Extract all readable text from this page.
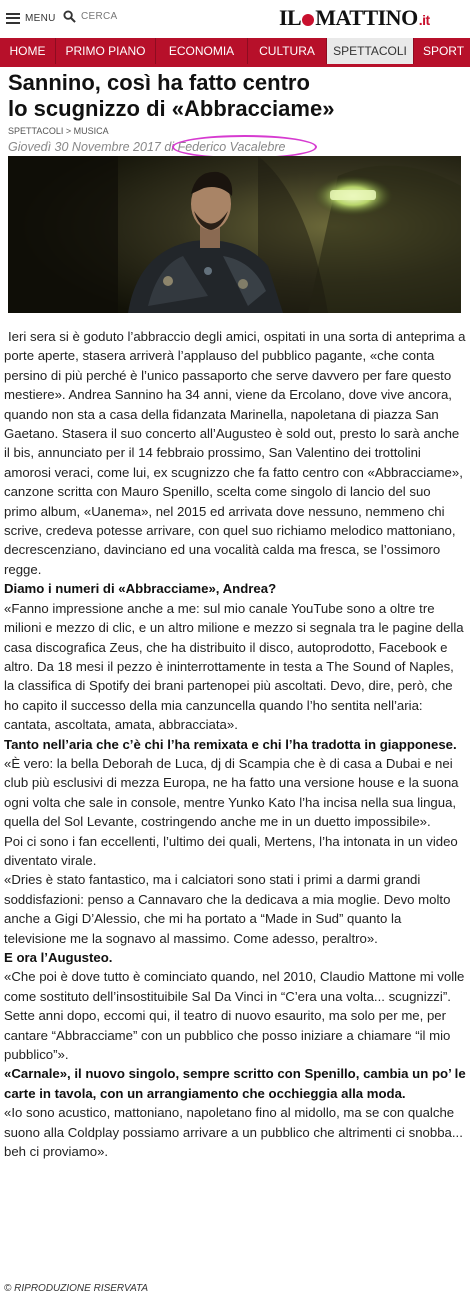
MENU	CERCA	IL MATTINO .it
HOME	PRIMO PIANO	ECONOMIA	CULTURA	SPETTACOLI	SPORT
Sannino, così ha fatto centro
lo scugnizzo di «Abbracciame»
SPETTACOLI > MUSICA
Giovedì 30 Novembre 2017 di Federico Vacalebre

Ieri sera si è goduto l’abbraccio degli amici, ospitati in una sorta di anteprima a porte aperte, stasera arriverà l’applauso del pubblico pagante, «che conta persino di più perché è l’unico passaporto che serve davvero per fare questo mestiere». Andrea Sannino ha 34 anni, viene da Ercolano, dove vive ancora, quando non sta a casa della fidanzata Marinella, napoletana di piazza San Gaetano. Stasera il suo concerto all’Augusteo è sold out, presto lo sarà anche il bis, annunciato per il 14 febbraio prossimo, San Valentino dei trottolini amorosi veraci, come lui, ex scugnizzo che fa fatto centro con «Abbracciame», canzone scritta con Mauro Spenillo, scelta come singolo di lancio del suo primo album, «Uanema», nel 2015 ed arrivata dove nessuno, nemmeno chi scrive, credeva potesse arrivare, con quel suo richiamo melodico mattoniano, decrescenziano, davinciano ed una vocalità calda ma fresca, se l’ossimoro regge.

Diamo i numeri di «Abbracciame», Andrea?

«Fanno impressione anche a me: sul mio canale YouTube sono a oltre tre milioni e mezzo di clic, e un altro milione e mezzo si segnala tra le pagine della casa discografica Zeus, che ha distribuito il disco, autoprodotto, Facebook e altro. Da 18 mesi il pezzo è ininterrottamente in testa a The Sound of Naples, la classifica di Spotify dei brani partenopei più ascoltati. Devo, dire, però, che ho capito il successo della mia canzuncella quando l’ho sentita nell’aria: cantata, ascoltata, amata, abbracciata».

Tanto nell’aria che c’è chi l’ha remixata e chi l’ha tradotta in giapponese.

«È vero: la bella Deborah de Luca, dj di Scampia che è di casa a Dubai e nei club più esclusivi di mezza Europa, ne ha fatto una versione house e la suona ogni volta che sale in console, mentre Yunko Kato l’ha incisa nella sua lingua, quella del Sol Levante, costringendo anche me in un duetto impossibile».

Poi ci sono i fan eccellenti, l’ultimo dei quali, Mertens, l’ha intonata in un video diventato virale.

«Dries è stato fantastico, ma i calciatori sono stati i primi a darmi grandi soddisfazioni: penso a Cannavaro che la dedicava a mia moglie. Devo molto anche a Gigi D’Alessio, che mi ha portato a “Made in Sud” quanto la televisione me la sognavo al massimo. Come adesso, peraltro».

E ora l’Augusteo.

«Che poi è dove tutto è cominciato quando, nel 2010, Claudio Mattone mi volle come sostituto dell’insostituibile Sal Da Vinci in “C’era una volta... scugnizzi”. Sette anni dopo, eccomi qui, il teatro di nuovo esaurito, ma solo per me, per cantare “Abbracciame” con un pubblico che posso iniziare a chiamare “il mio pubblico”».

«Carnale», il nuovo singolo, sempre scritto con Spenillo, cambia un po’ le carte in tavola, con un arrangiamento che occhieggia alla moda.

«Io sono acustico, mattoniano, napoletano fino al midollo, ma se con qualche suono alla Coldplay possiamo arrivare a un pubblico che altrimenti ci snobba... beh ci proviamo».

© RIPRODUZIONE RISERVATA
